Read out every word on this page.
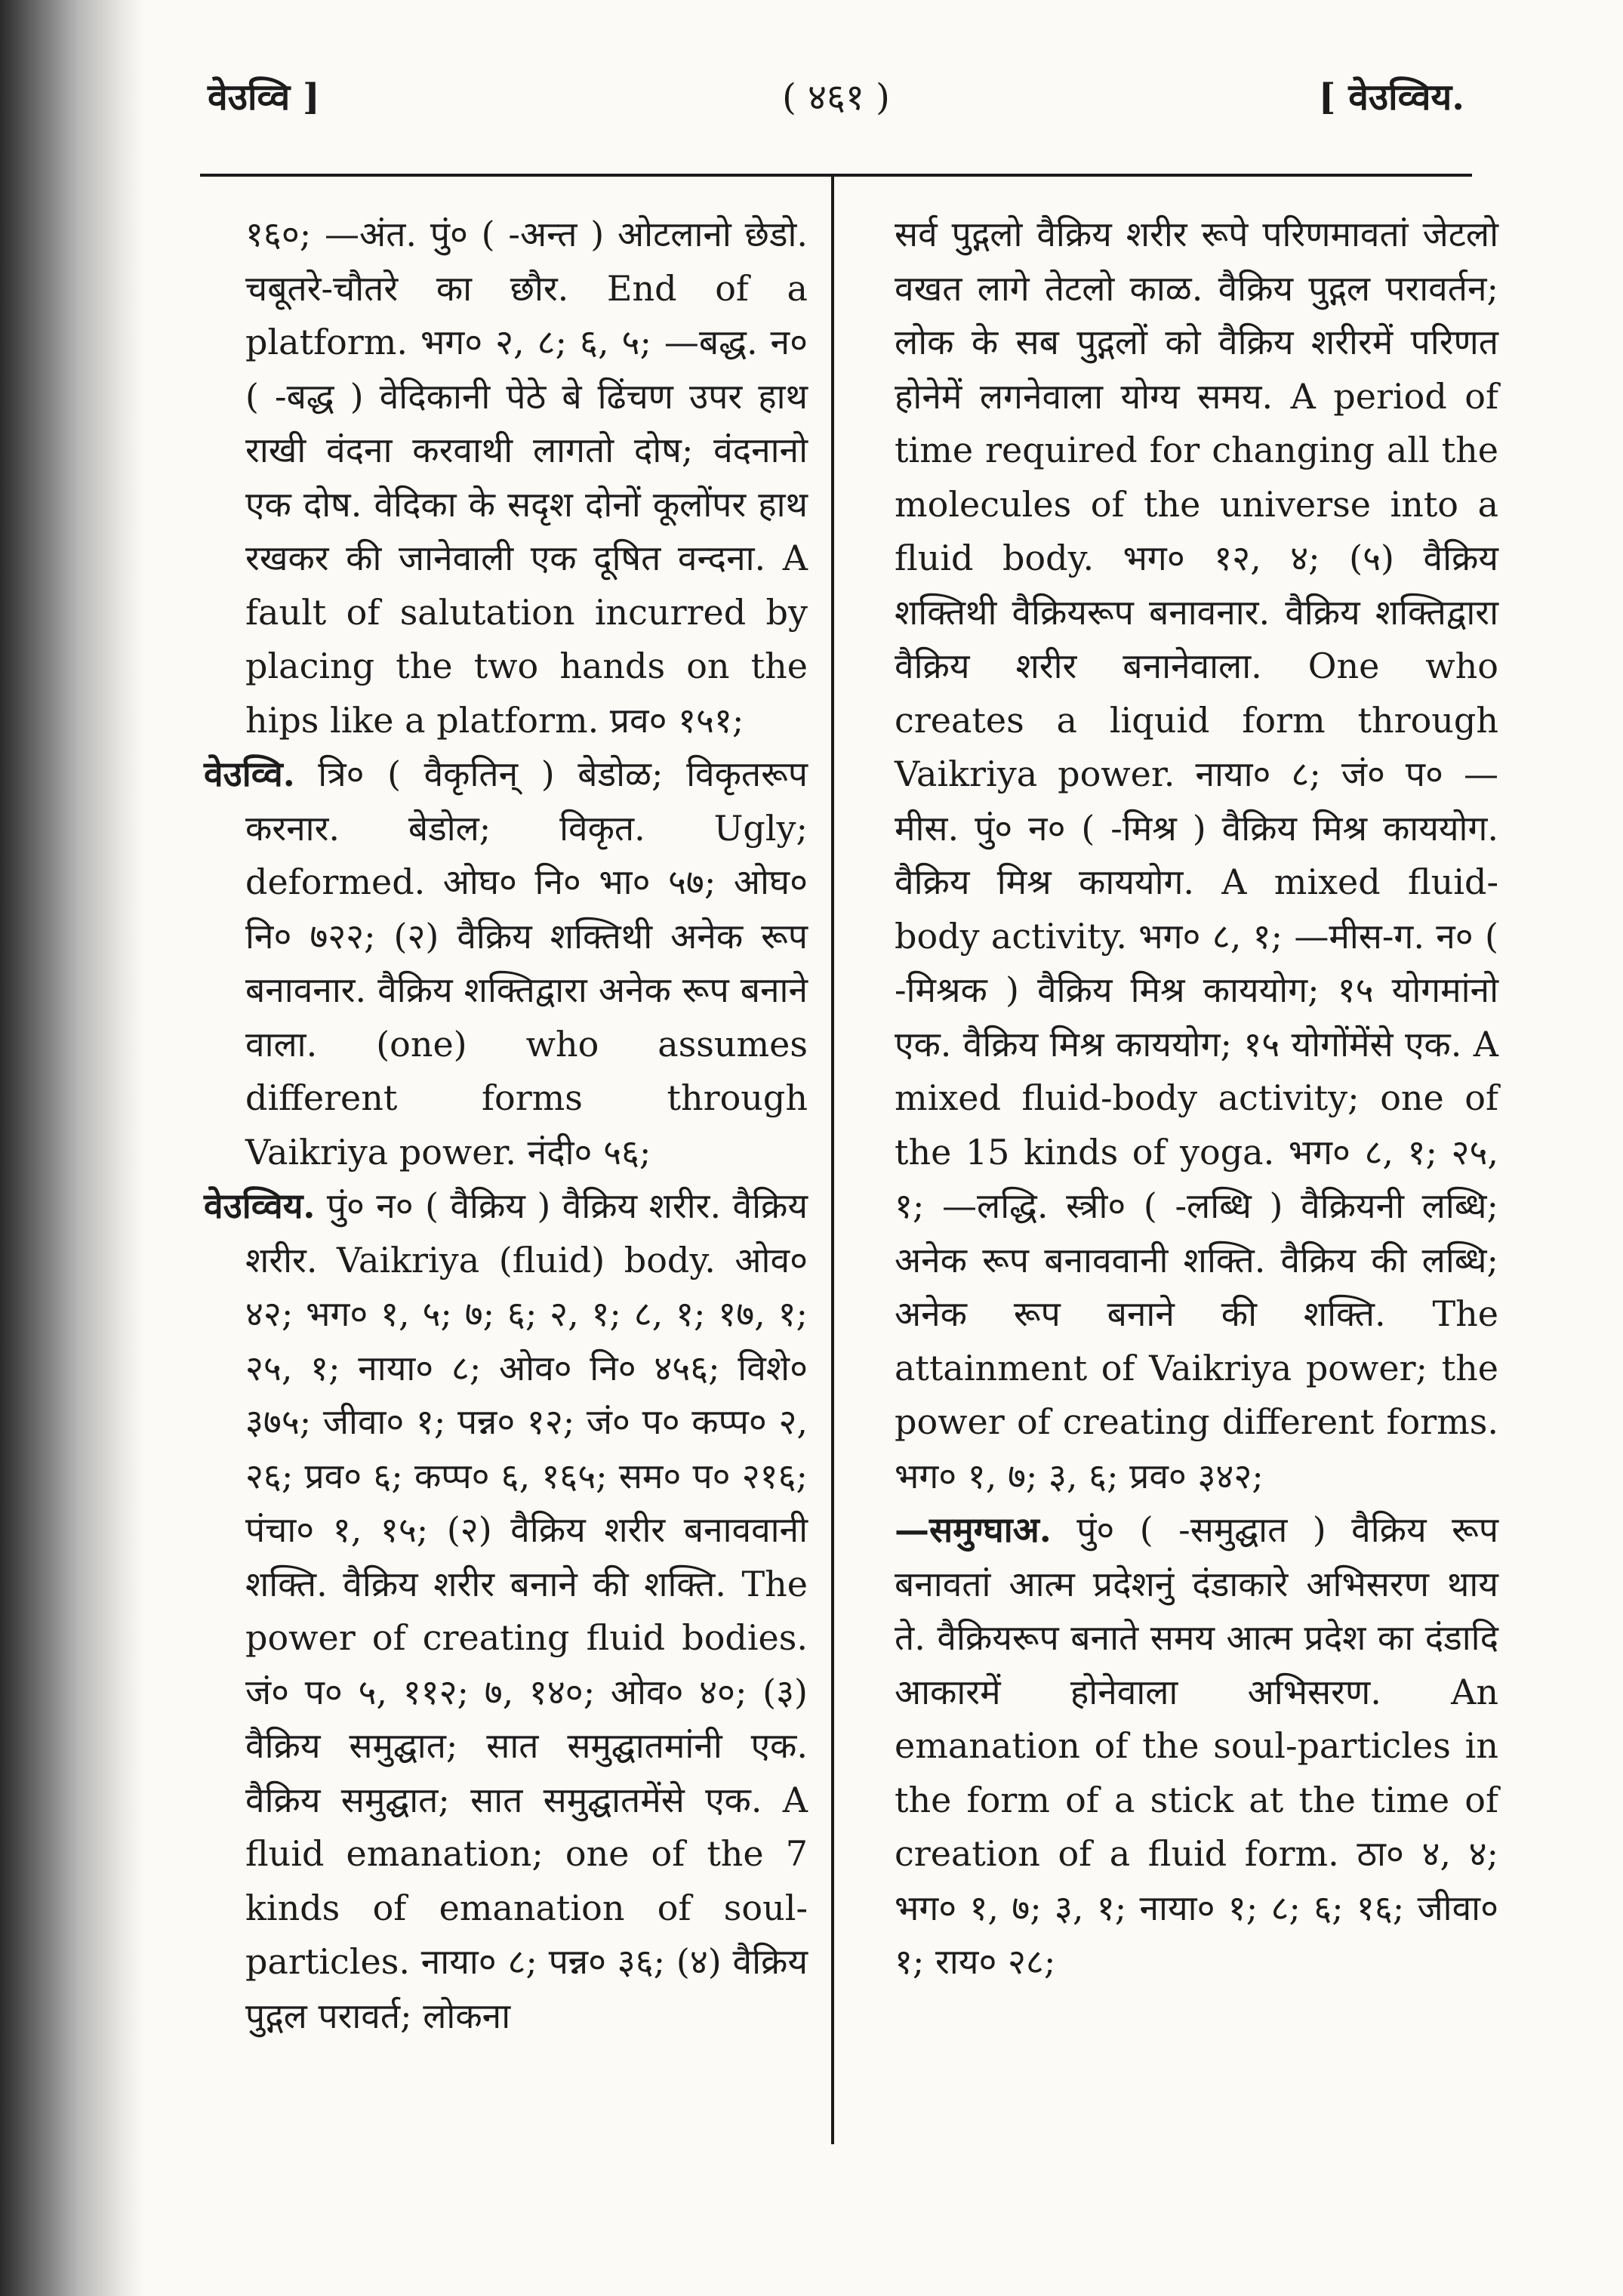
वेउव्वि ]	( ४६१ )	[ वेउव्विय.

१६०; —अंत. पुं० ( -अन्त ) ओटलानो छेडो. चबूतरे-चौतरे का छौर. End of a platform. भग० २, ८; ६, ५; —बद्ध. न० ( -बद्ध ) वेदिकानी पेठे बे ढिंचण उपर हाथ राखी वंदना करवाथी लागतो दोष; वंदनानो एक दोष. वेदिका के सदृश दोनों कूलोंपर हाथ रखकर की जानेवाली एक दूषित वन्दना. A fault of salutation incurred by placing the two hands on the hips like a platform. प्रव० १५१;

वेउव्वि. त्रि० ( वैकृतिन् ) बेडोळ; विकृतरूप करनार. बेडोल; विकृत. Ugly; deformed. ओघ० नि० भा० ५७; ओघ० नि० ७२२; (२) वैक्रिय शक्तिथी अनेक रूप बनावनार. वैक्रिय शक्तिद्वारा अनेक रूप बनाने वाला. (one) who assumes different forms through Vaikriya power. नंदी० ५६;

वेउव्विय. पुं० न० ( वैक्रिय ) वैक्रिय शरीर. वैक्रिय शरीर. Vaikriya (fluid) body. ओव० ४२; भग० १, ५; ७; ६; २, १; ८, १; १७, १; २५, १; नाया० ८; ओव० नि० ४५६; विशे० ३७५; जीवा० १; पन्न० १२; जं० प० कप्प० २, २६; प्रव० ६; कप्प० ६, १६५; सम० प० २१६; पंचा० १, १५; (२) वैक्रिय शरीर बनाववानी शक्ति. वैक्रिय शरीर बनाने की शक्ति. The power of creating fluid bodies. जं० प० ५, ११२; ७, १४०; ओव० ४०; (३) वैक्रिय समुद्घात; सात समुद्घातमांनी एक. वैक्रिय समुद्घात; सात समुद्घातमेंसे एक. A fluid emanation; one of the 7 kinds of emanation of soul-particles. नाया० ८; पन्न० ३६; (४) वैक्रिय पुद्गल परावर्त; लोकना

सर्व पुद्गलो वैक्रिय शरीर रूपे परिणमावतां जेटलो वखत लागे तेटलो काळ. वैक्रिय पुद्गल परावर्तन; लोक के सब पुद्गलों को वैक्रिय शरीरमें परिणत होनेमें लगनेवाला योग्य समय. A period of time required for changing all the molecules of the universe into a fluid body. भग० १२, ४; (५) वैक्रिय शक्तिथी वैक्रियरूप बनावनार. वैक्रिय शक्तिद्वारा वैक्रिय शरीर बनानेवाला. One who creates a liquid form through Vaikriya power. नाया० ८; जं० प० —मीस. पुं० न० ( -मिश्र ) वैक्रिय मिश्र काययोग. वैक्रिय मिश्र काययोग. A mixed fluid-body activity. भग० ८, १; —मीस-ग. न० ( -मिश्रक ) वैक्रिय मिश्र काययोग; १५ योगमांनो एक. वैक्रिय मिश्र काययोग; १५ योगोंमेंसे एक. A mixed fluid-body activity; one of the 15 kinds of yoga. भग० ८, १; २५, १; —लद्धि. स्त्री० ( -लब्धि ) वैक्रियनी लब्धि; अनेक रूप बनाववानी शक्ति. वैक्रिय की लब्धि; अनेक रूप बनाने की शक्ति. The attainment of Vaikriya power; the power of creating different forms. भग० १, ७; ३, ६; प्रव० ३४२;

—समुग्घाअ. पुं० ( -समुद्घात ) वैक्रिय रूप बनावतां आत्म प्रदेशनुं दंडाकारे अभिसरण थाय ते. वैक्रियरूप बनाते समय आत्म प्रदेश का दंडादि आकारमें होनेवाला अभिसरण. An emanation of the soul-particles in the form of a stick at the time of creation of a fluid form. ठा० ४, ४; भग० १, ७; ३, १; नाया० १; ८; ६; १६; जीवा० १; राय० २८;
